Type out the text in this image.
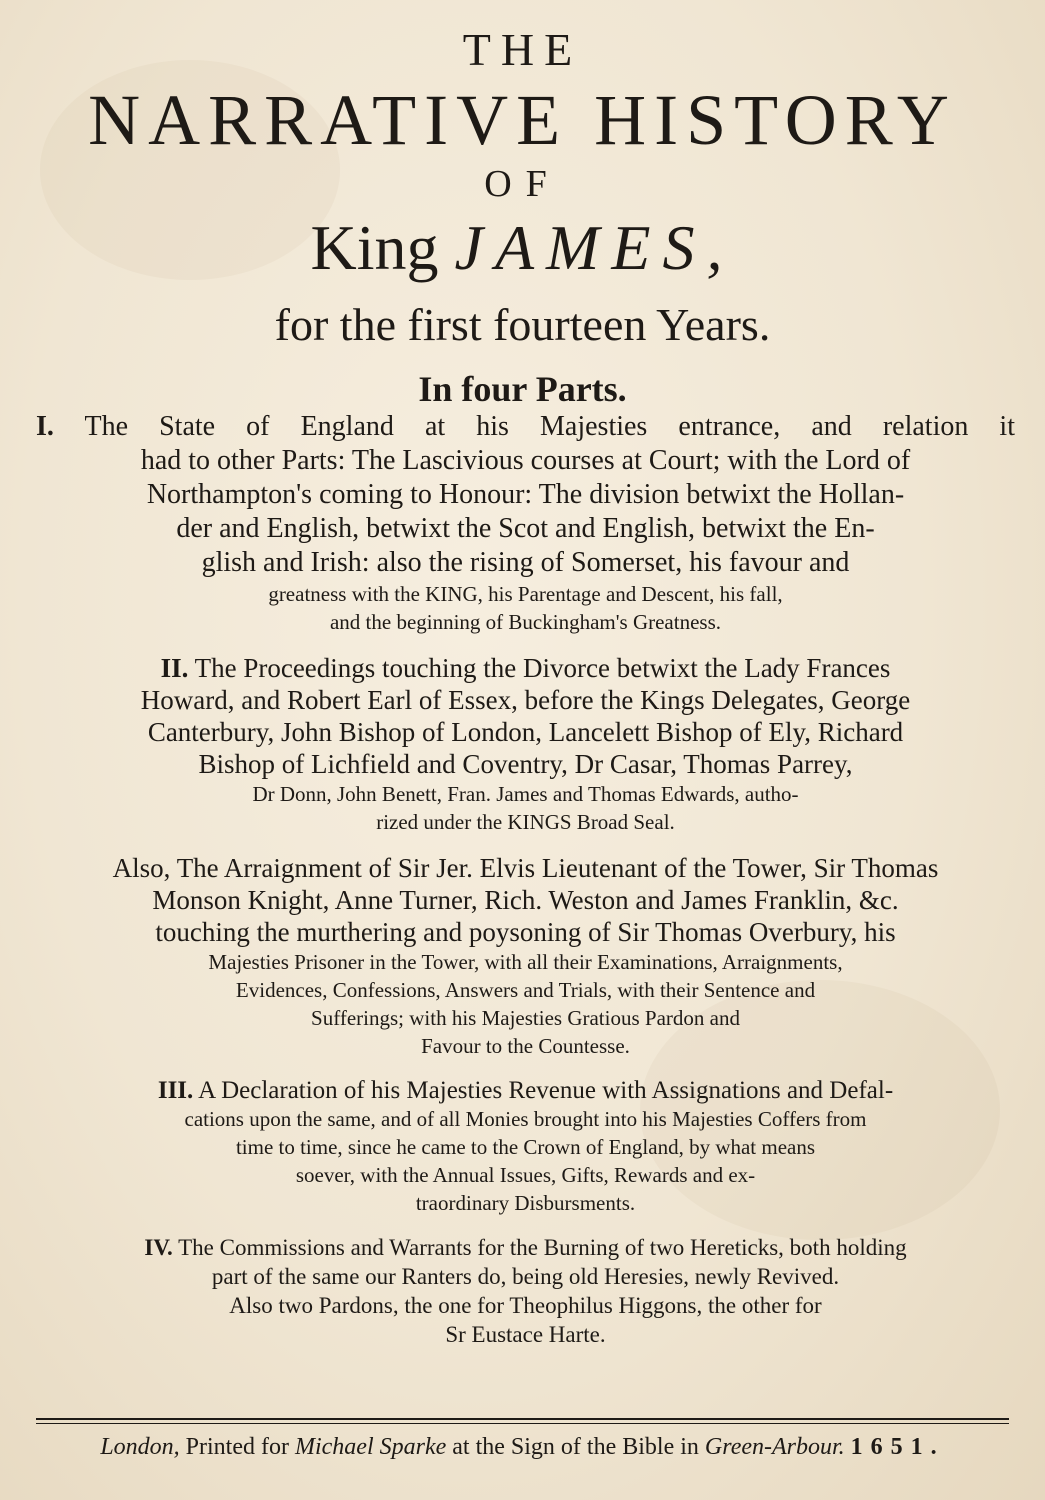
THE

NARRATIVE HISTORY

OF

King JAMES,

for the first fourteen Years.

In four Parts.

I. The State of England at his Majesties entrance, and relation it
had to other Parts: The Lascivious courses at Court; with the Lord of
Northampton's coming to Honour: The division betwixt the Hollan-
der and English, betwixt the Scot and English, betwixt the En-
glish and Irish: also the rising of Somerset, his favour and
greatness with the KING, his Parentage and Descent, his fall,
and the beginning of Buckingham's Greatness.
II. The Proceedings touching the Divorce betwixt the Lady Frances
Howard, and Robert Earl of Essex, before the Kings Delegates, George
Canterbury, John Bishop of London, Lancelett Bishop of Ely, Richard
Bishop of Lichfield and Coventry, Dr Casar, Thomas Parrey,
Dr Donn, John Benett, Fran. James and Thomas Edwards, autho-
rized under the KINGS Broad Seal.
Also, The Arraignment of Sir Jer. Elvis Lieutenant of the Tower, Sir Thomas
Monson Knight, Anne Turner, Rich. Weston and James Franklin, &c.
touching the murthering and poysoning of Sir Thomas Overbury, his
Majesties Prisoner in the Tower, with all their Examinations, Arraignments,
Evidences, Confessions, Answers and Trials, with their Sentence and
Sufferings; with his Majesties Gratious Pardon and
Favour to the Countesse.
III. A Declaration of his Majesties Revenue with Assignations and Defal-
cations upon the same, and of all Monies brought into his Majesties Coffers from
time to time, since he came to the Crown of England, by what means
soever, with the Annual Issues, Gifts, Rewards and ex-
traordinary Disbursments.
IV. The Commissions and Warrants for the Burning of two Hereticks, both holding
part of the same our Ranters do, being old Heresies, newly Revived.
Also two Pardons, the one for Theophilus Higgons, the other for
Sr Eustace Harte.
London, Printed for Michael Sparke at the Sign of the Bible in Green-Arbour. 1651.
